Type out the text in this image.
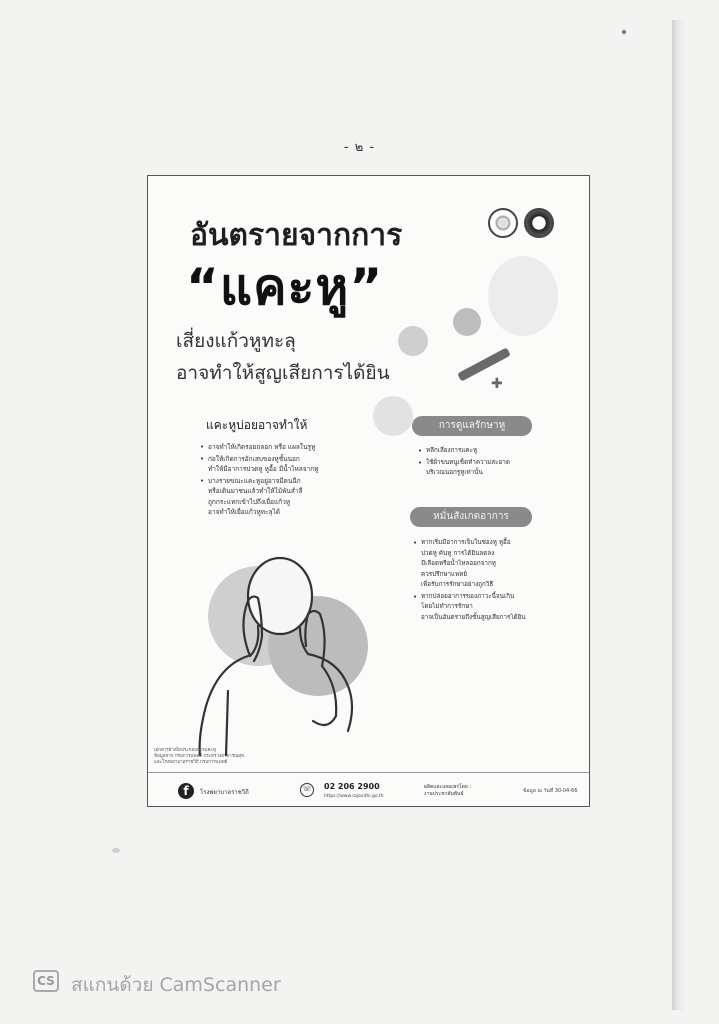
- ๒ -
✚
อันตรายจากการ
“แคะหู”
เสี่ยงแก้วหูทะลุ
อาจทำให้สูญเสียการได้ยิน
แคะหูบ่อยอาจทำให้
• อาจทำให้เกิดรอยถลอก หรือ แผลในรูหู
• ก่อให้เกิดการอักเสบของหูชั้นนอก
ทำให้มีอาการปวดหู หูอื้อ มีน้ำไหลจากหู
• บางรายขณะแคะหูอยู่อาจมีคนฉีก
หรือเดินมาชนแล้วทำให้ไม้พันสำลี
ถูกกระแทกเข้าไปถึงเยื่อแก้วหู
อาจทำให้เยื่อแก้วหูทะลุได้
การดูแลรักษาหู
• หลีกเลี่ยงการแคะหู
• ใช้ผ้าขนหนูเช็ดทำความสะอาด
บริเวณนอกรูหูเท่านั้น
หมั่นสังเกตอาการ
• หากเริ่มมีอาการเจ็บในช่องหู หูอื้อ
ปวดหู คันหู การได้ยินลดลง
มีเลือดหรือน้ำไหลออกจากหู
ควรปรึกษาแพทย์
เพื่อรับการรักษาอย่างถูกวิธี
• หากปล่อยอาการของภาวะนี้จนเกิน
โดยไม่ทำการรักษา
อาจเป็นอันตรายถึงขั้นสูญเสียการได้ยิน
เอกสารอ้างอิงประกอบการแคะหู
ข้อมูลจาก กรมการแพทย์ กระทรวงสาธารณสุข
และโรงพยาบาลราชวิถี กรมการแพทย์
f	โรงพยาบาลราชวิถี	☏	02 206 2900
https://www.rajavithi.go.th
ผลิตและเผยแพร่โดย :
งานประชาสัมพันธ์	ข้อมูล ณ วันที่ 30-04-66
CS สแกนด้วย CamScanner
